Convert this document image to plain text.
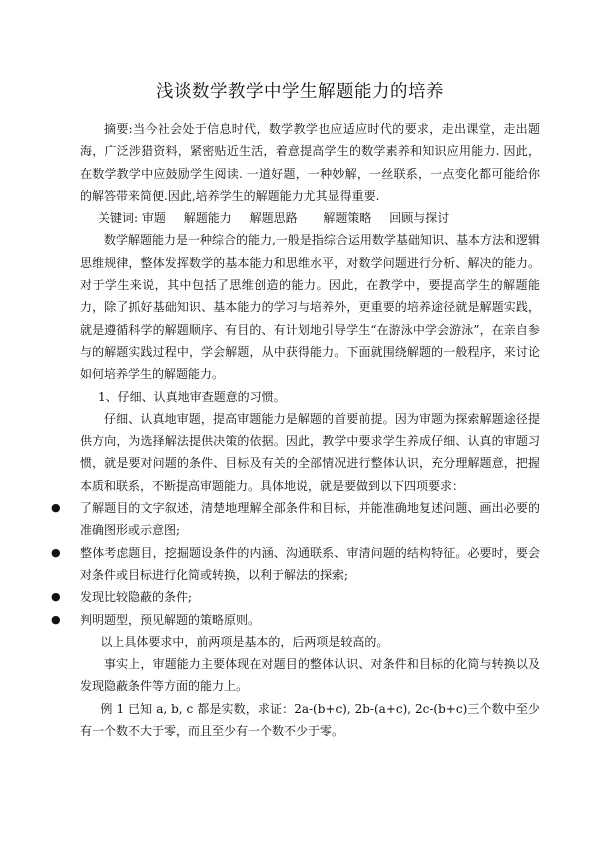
浅谈数学教学中学生解题能力的培养

摘要:当今社会处于信息时代，数学教学也应适应时代的要求，走出课堂，走出题海，广泛涉猎资料，紧密贴近生活，着意提高学生的数学素养和知识应用能力. 因此，在数学教学中应鼓励学生阅读. 一道好题，一种妙解，一丝联系，一点变化都可能给你的解答带来简便.因此,培养学生的解题能力尤其显得重要.

关键词: 审题 解题能力 解题思路 解题策略 回顾与探讨

数学解题能力是一种综合的能力,一般是指综合运用数学基础知识、基本方法和逻辑思维规律，整体发挥数学的基本能力和思维水平，对数学问题进行分析、解决的能力。对于学生来说，其中包括了思维创造的能力。因此，在教学中，要提高学生的解题能力，除了抓好基础知识、基本能力的学习与培养外，更重要的培养途径就是解题实践，就是遵循科学的解题顺序、有目的、有计划地引导学生“在游泳中学会游泳”，在亲自参与的解题实践过程中，学会解题，从中获得能力。下面就围绕解题的一般程序，来讨论如何培养学生的解题能力。

1、仔细、认真地审查题意的习惯。

仔细、认真地审题，提高审题能力是解题的首要前提。因为审题为探索解题途径提供方向，为选择解法提供决策的依据。因此，教学中要求学生养成仔细、认真的审题习惯，就是要对问题的条件、目标及有关的全部情况进行整体认识，充分理解题意，把握本质和联系，不断提高审题能力。具体地说，就是要做到以下四项要求：

● 了解题目的文字叙述，清楚地理解全部条件和目标，并能准确地复述问题、画出必要的准确图形或示意图;
● 整体考虑题目，挖掘题设条件的内涵、沟通联系、审清问题的结构特征。必要时，要会对条件或目标进行化简或转换，以利于解法的探索;
● 发现比较隐蔽的条件;
● 判明题型，预见解题的策略原则。

以上具体要求中，前两项是基本的，后两项是较高的。

事实上，审题能力主要体现在对题目的整体认识、对条件和目标的化简与转换以及发现隐蔽条件等方面的能力上。

例 1 已知 a, b, c 都是实数，求证：2a-(b+c), 2b-(a+c), 2c-(b+c)三个数中至少有一个数不大于零，而且至少有一个数不少于零。
